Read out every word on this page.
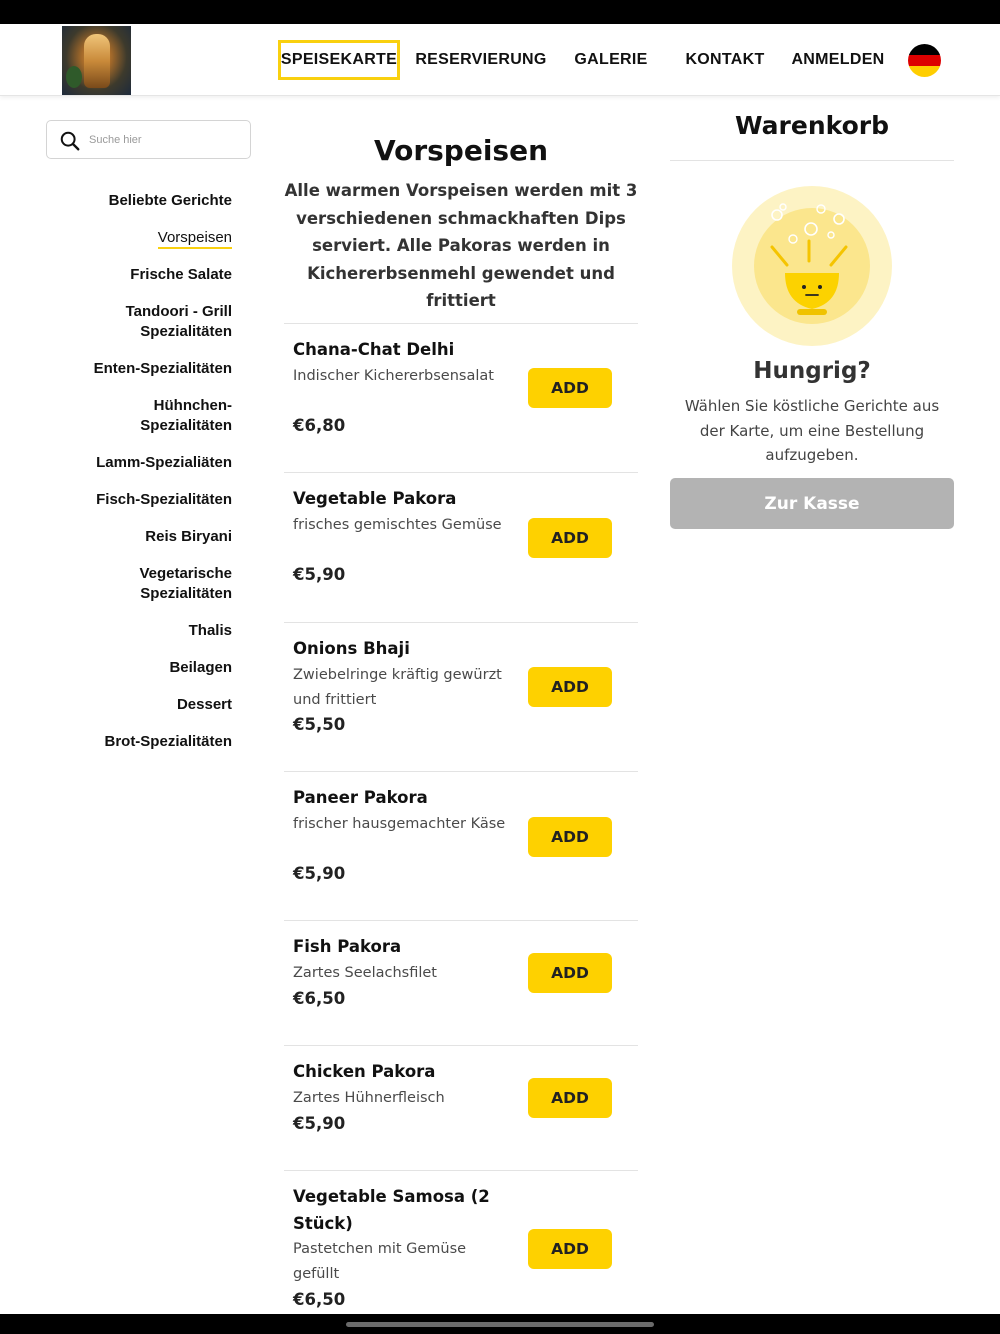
SPEISEKARTE RESERVIERUNG GALERIE	KONTAKT	ANMELDEN
Suche hier
Beliebte Gerichte
Vorspeisen
Frische Salate
Tandoori - Grill Spezialitäten
Enten-Spezialitäten
Hühnchen-Spezialitäten
Lamm-Spezialiäten
Fisch-Spezialitäten
Reis Biryani
Vegetarische Spezialitäten
Thalis
Beilagen
Dessert
Brot-Spezialitäten
Vorspeisen
Alle warmen Vorspeisen werden mit 3 verschiedenen schmackhaften Dips serviert. Alle Pakoras werden in Kichererbsenmehl gewendet und frittiert
Chana-Chat Delhi
Indischer Kichererbsensalat
€6,80
ADD
Vegetable Pakora
frisches gemischtes Gemüse
€5,90
ADD
Onions Bhaji
Zwiebelringe kräftig gewürzt und frittiert
€5,50
ADD
Paneer Pakora
frischer hausgemachter Käse
€5,90
ADD
Fish Pakora
Zartes Seelachsfilet
€6,50
ADD
Chicken Pakora
Zartes Hühnerfleisch
€5,90
ADD
Vegetable Samosa (2 Stück)
Pastetchen mit Gemüse gefüllt
€6,50
ADD
Warenkorb
Hungrig?
Wählen Sie köstliche Gerichte aus der Karte, um eine Bestellung aufzugeben.
Zur Kasse
